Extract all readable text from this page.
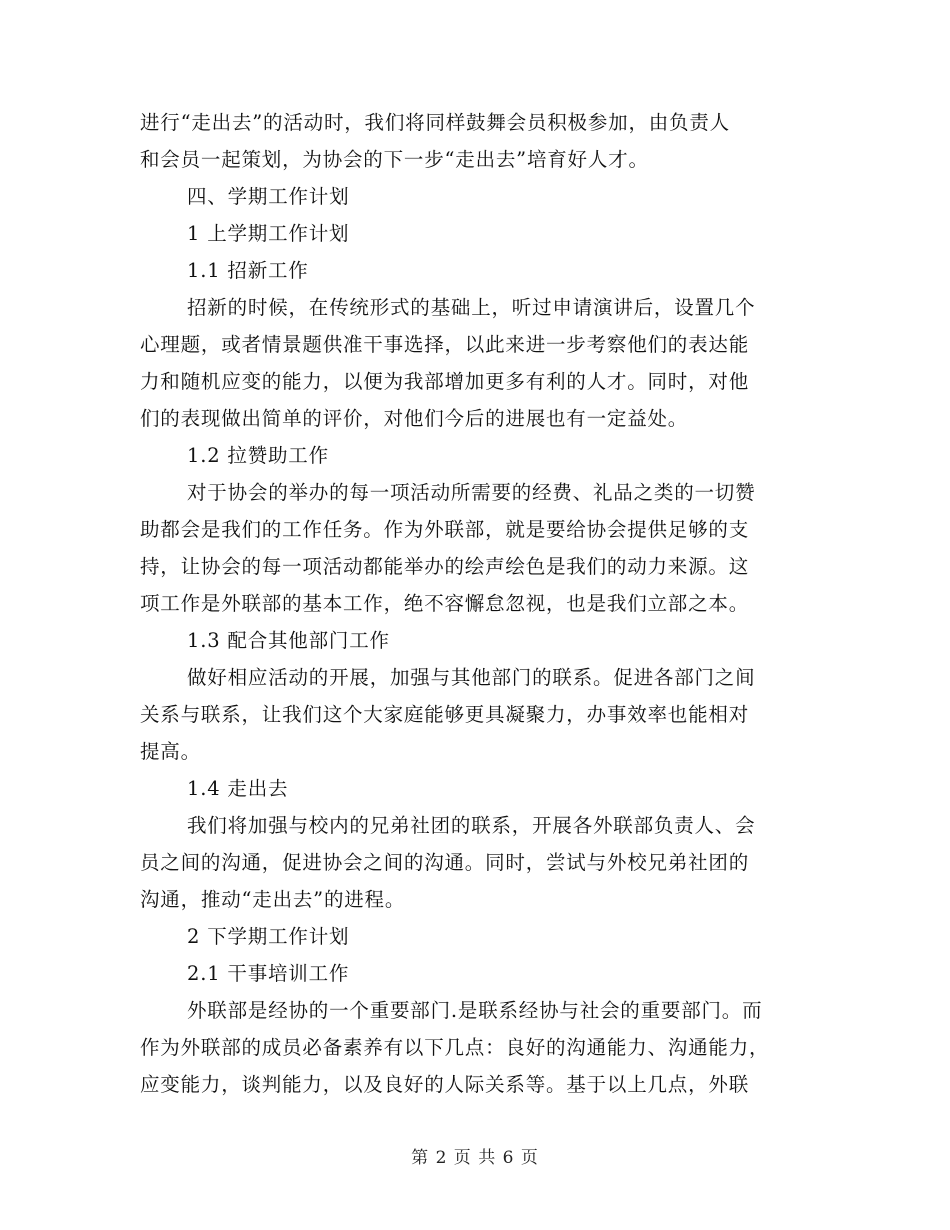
进行“走出去”的活动时，我们将同样鼓舞会员积极参加，由负责人
和会员一起策划，为协会的下一步“走出去”培育好人才。
四、学期工作计划
1 上学期工作计划
1.1 招新工作
招新的时候，在传统形式的基础上，听过申请演讲后，设置几个
心理题，或者情景题供准干事选择，以此来进一步考察他们的表达能
力和随机应变的能力，以便为我部增加更多有利的人才。同时，对他
们的表现做出简单的评价，对他们今后的进展也有一定益处。
1.2 拉赞助工作
对于协会的举办的每一项活动所需要的经费、礼品之类的一切赞
助都会是我们的工作任务。作为外联部，就是要给协会提供足够的支
持，让协会的每一项活动都能举办的绘声绘色是我们的动力来源。这
项工作是外联部的基本工作，绝不容懈怠忽视，也是我们立部之本。
1.3 配合其他部门工作
做好相应活动的开展，加强与其他部门的联系。促进各部门之间
关系与联系，让我们这个大家庭能够更具凝聚力，办事效率也能相对
提高。
1.4 走出去
我们将加强与校内的兄弟社团的联系，开展各外联部负责人、会
员之间的沟通，促进协会之间的沟通。同时，尝试与外校兄弟社团的
沟通，推动“走出去”的进程。
2 下学期工作计划
2.1 干事培训工作
外联部是经协的一个重要部门.是联系经协与社会的重要部门。而
作为外联部的成员必备素养有以下几点：良好的沟通能力、沟通能力，
应变能力，谈判能力，以及良好的人际关系等。基于以上几点，外联
第 2 页 共 6 页
